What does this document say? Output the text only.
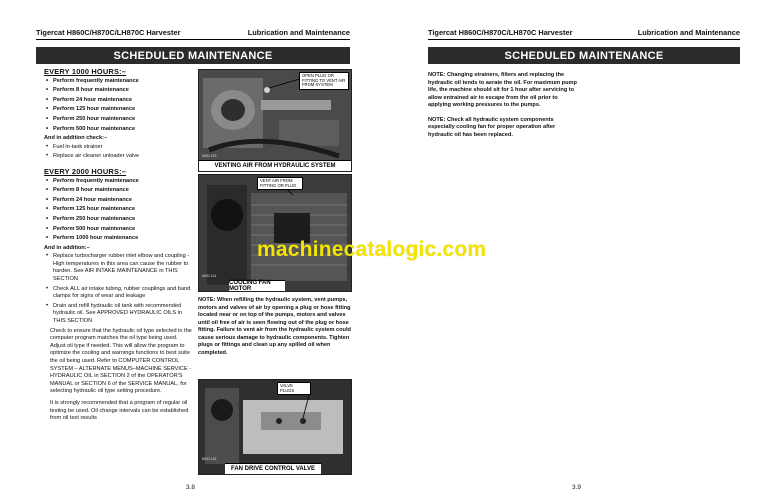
Tigercat H860C/H870C/LH870C Harvester	Lubrication and Maintenance
SCHEDULED MAINTENANCE
EVERY 1000 HOURS:–
• Perform frequently maintenance
• Perform 8 hour maintenance
• Perform 24 hour maintenance
• Perform 125 hour maintenance
• Perform 250 hour maintenance
• Perform 500 hour maintenance
And in addition check:–
• Fuel in-tank strainer
• Replace air cleaner unloader valve
EVERY 2000 HOURS:–
• Perform frequently maintenance
• Perform 8 hour maintenance
• Perform 24 hour maintenance
• Perform 125 hour maintenance
• Perform 250 hour maintenance
• Perform 500 hour maintenance
• Perform 1000 hour maintenance
And in addition:–
• Replace turbocharger rubber inlet elbow and coupling - High temperatures in this area can cause the rubber to harden. See AIR INTAKE MAINTENANCE in THIS SECTION
• Check ALL air intake tubing, rubber couplings and band clamps for signs of wear and leakage
• Drain and refill hydraulic oil tank with recommended hydraulic oil. See APPROVED HYDRAULIC OILS in THIS SECTION

Check to ensure that the hydraulic oil type selected in the computer program matches the oil type being used. Adjust oil type if needed. This will allow the program to optimize the cooling and warnings functions to best suite the oil being used. Refer to COMPUTER CONTROL SYSTEM – ALTERNATE MENUS–MACHINE SERVICE - HYDRAULIC OIL in SECTION 2 of the OPERATOR'S MANUAL or SECTION 6 of the SERVICE MANUAL, for selecting hydraulic oil type setting procedure.

It is strongly recommended that a program of regular oil testing be used. Oil change intervals can be established from oil test results

OPEN PLUG OR FITTING TO VENT AIR FROM SYSTEM
8600-139
VENTING AIR FROM HYDRAULIC SYSTEM
VENT AIR FROM FITTING OR PLUG
8600-144
COOLING FAN MOTOR
NOTE: When refilling the hydraulic system, vent pumps, motors and valves of air by opening a plug or hose fitting located near or on top of the pumps, motors and valves until oil free of air is seen flowing out of the plug or hose fitting. Failure to vent air from the hydraulic system could cause serious damage to hydraulic components. Tighten plugs or fittings and clean up any spilled oil when completed.
VALVE PLUGS
8600-136
FAN DRIVE CONTROL VALVE
3.8
Tigercat H860C/H870C/LH870C Harvester	Lubrication and Maintenance
SCHEDULED MAINTENANCE
3.9

NOTE: Changing strainers, filters and replacing the hydraulic oil tends to aerate the oil. For maximum pump life, the machine should sit for 1 hour after servicing to allow entrained air to escape from the oil prior to applying working pressures to the pumps.

NOTE: Check all hydraulic system components especially cooling fan for proper operation after hydraulic oil has been replaced.

machinecatalogic.com
